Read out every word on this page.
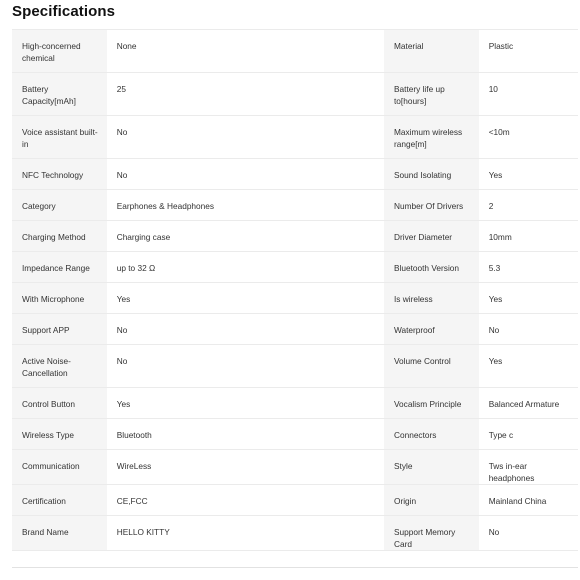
Specifications
High-concerned chemical	None	Material	Plastic

Battery Capacity[mAh]	25	Battery life up to[hours]	10

Voice assistant built-in	No	Maximum wireless range[m]	<10m

NFC Technology	No	Sound Isolating	Yes

Category	Earphones & Headphones	Number Of Drivers	2

Charging Method	Charging case	Driver Diameter	10mm

Impedance Range	up to 32 Ω	Bluetooth Version	5.3

With Microphone	Yes	Is wireless	Yes

Support APP	No	Waterproof	No

Active Noise-Cancellation	No	Volume Control	Yes

Control Button	Yes	Vocalism Principle	Balanced Armature

Wireless Type	Bluetooth	Connectors	Type c

Communication	WireLess	Style	Tws in-ear headphones

Certification	CE,FCC	Origin	Mainland China

Brand Name	HELLO KITTY	Support Memory Card	No
